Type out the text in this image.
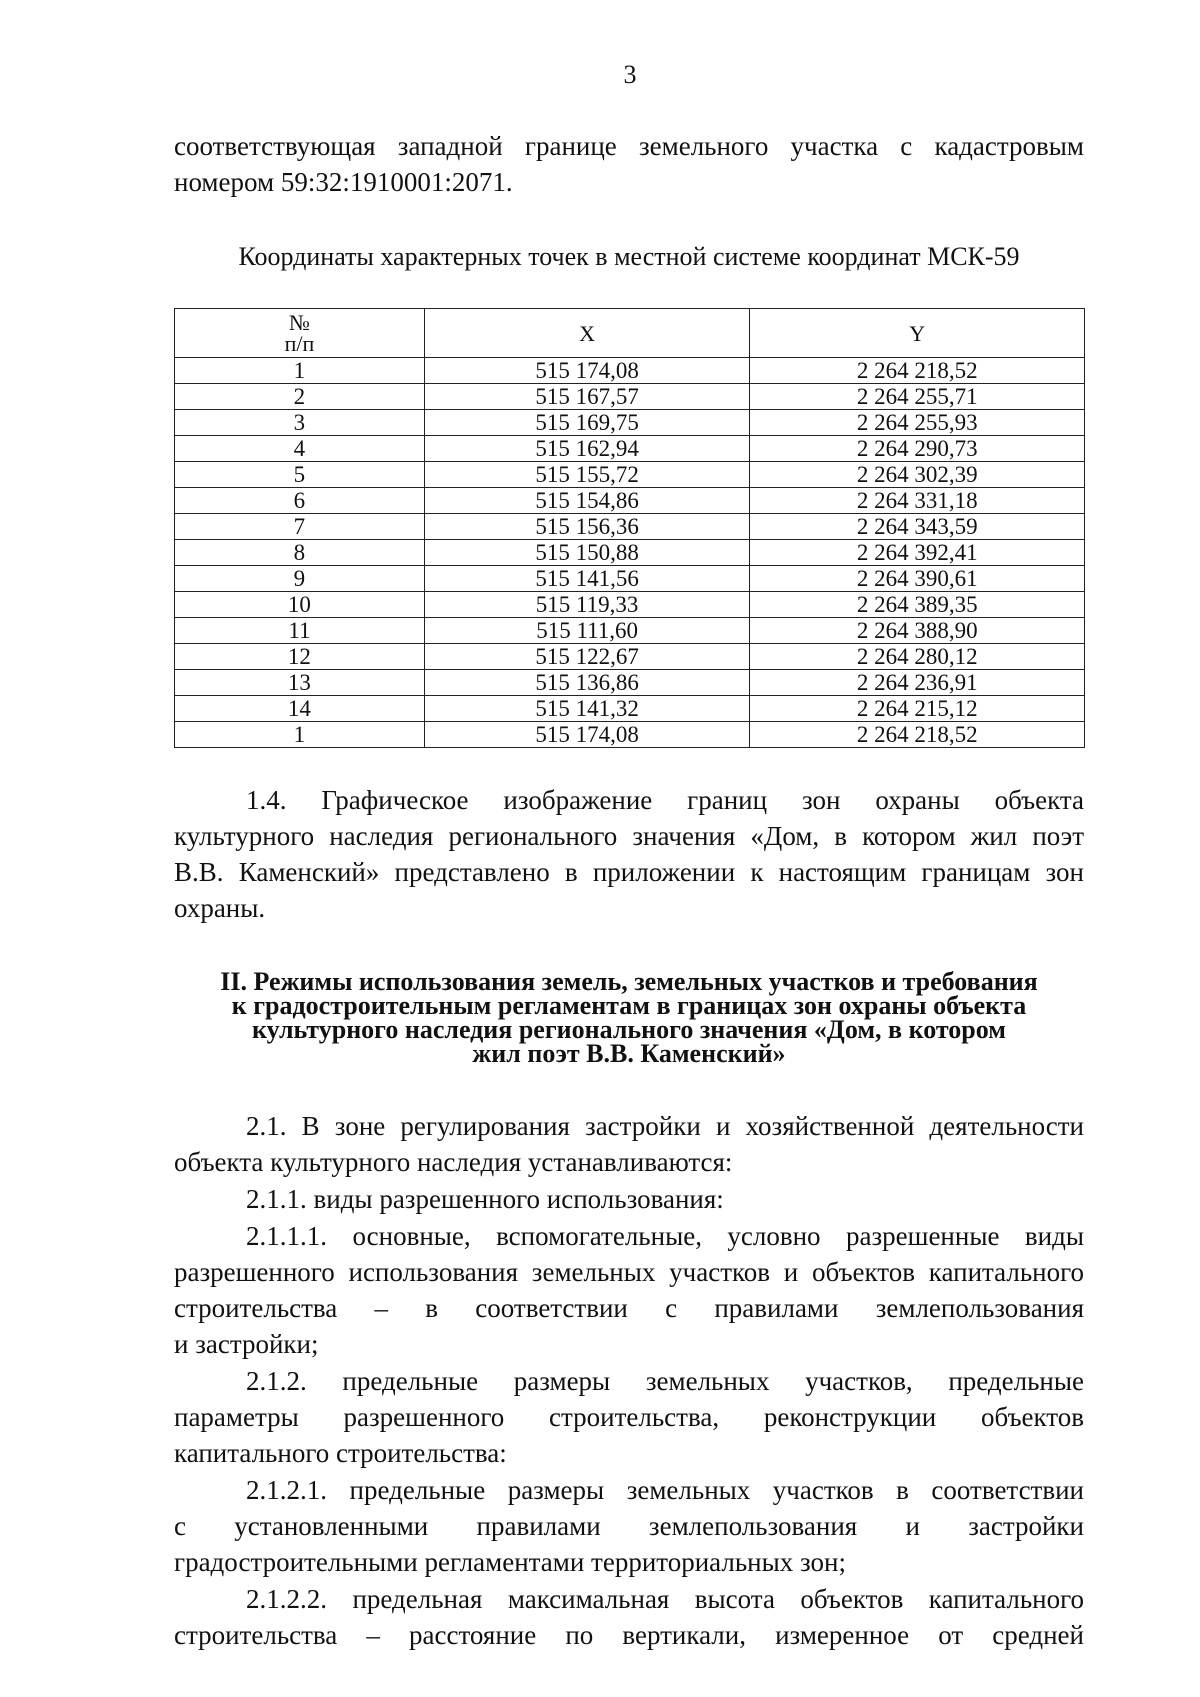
3

соответствующая западной границе земельного участка с кадастровым

номером 59:32:1910001:2071.

Координаты характерных точек в местной системе координат МСК-59
№
п/п	X	Y
1	515 174,08	2 264 218,52
2	515 167,57	2 264 255,71
3	515 169,75	2 264 255,93
4	515 162,94	2 264 290,73
5	515 155,72	2 264 302,39
6	515 154,86	2 264 331,18
7	515 156,36	2 264 343,59
8	515 150,88	2 264 392,41
9	515 141,56	2 264 390,61
10	515 119,33	2 264 389,35
11	515 111,60	2 264 388,90
12	515 122,67	2 264 280,12
13	515 136,86	2 264 236,91
14	515 141,32	2 264 215,12
1	515 174,08	2 264 218,52

1.4. Графическое изображение границ зон охраны объекта

культурного наследия регионального значения «Дом, в котором жил поэт

В.В. Каменский» представлено в приложении к настоящим границам зон

охраны.

II. Режимы использования земель, земельных участков и требования
к градостроительным регламентам в границах зон охраны объекта
культурного наследия регионального значения «Дом, в котором
жил поэт В.В. Каменский»

2.1. В зоне регулирования застройки и хозяйственной деятельности

объекта культурного наследия устанавливаются:

2.1.1. виды разрешенного использования:

2.1.1.1. основные, вспомогательные, условно разрешенные виды

разрешенного использования земельных участков и объектов капитального

строительства – в соответствии с правилами землепользования

и застройки;

2.1.2. предельные размеры земельных участков, предельные

параметры разрешенного строительства, реконструкции объектов

капитального строительства:

2.1.2.1. предельные размеры земельных участков в соответствии

с установленными правилами землепользования и застройки

градостроительными регламентами территориальных зон;

2.1.2.2. предельная максимальная высота объектов капитального

строительства – расстояние по вертикали, измеренное от средней
